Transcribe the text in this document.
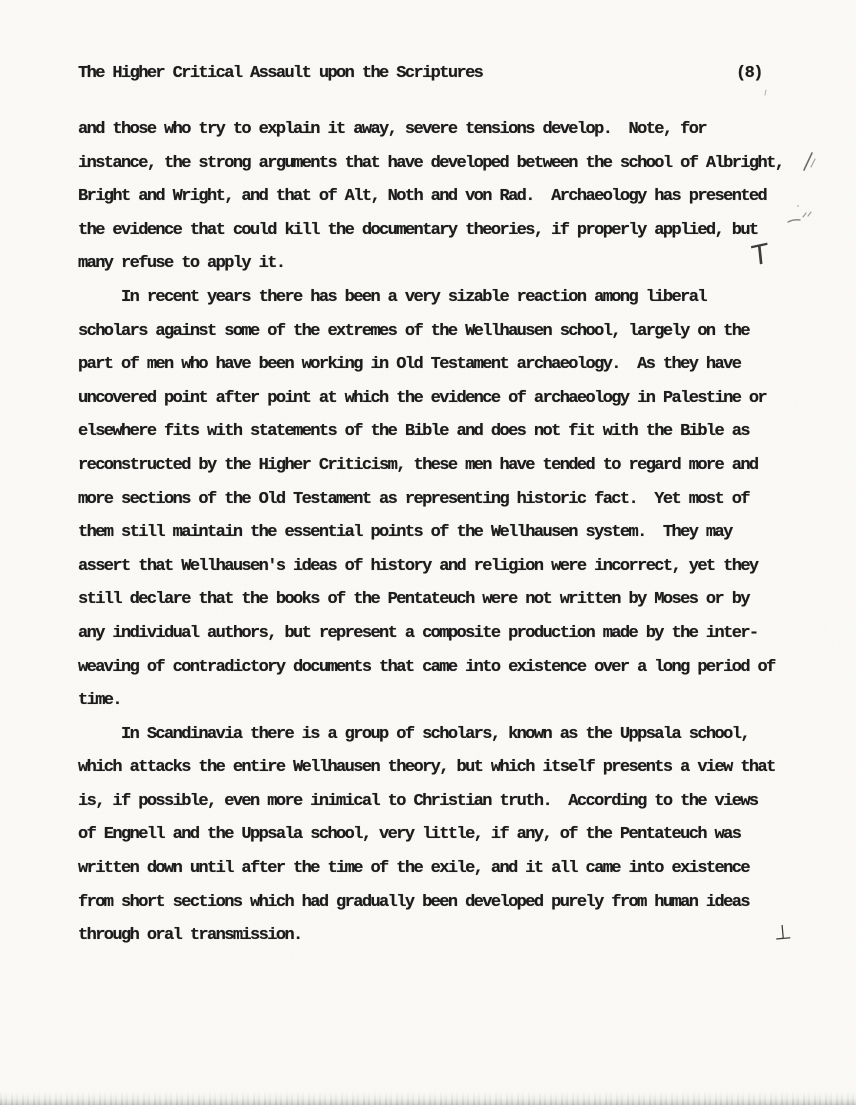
The Higher Critical Assault upon the Scriptures	(8)
and those who try to explain it away, severe tensions develop.  Note, for
instance, the strong arguments that have developed between the school of Albright,
Bright and Wright, and that of Alt, Noth and von Rad.  Archaeology has presented
the evidence that could kill the documentary theories, if properly applied, but
many refuse to apply it.
In recent years there has been a very sizable reaction among liberal
scholars against some of the extremes of the Wellhausen school, largely on the
part of men who have been working in Old Testament archaeology.  As they have
uncovered point after point at which the evidence of archaeology in Palestine or
elsewhere fits with statements of the Bible and does not fit with the Bible as
reconstructed by the Higher Criticism, these men have tended to regard more and
more sections of the Old Testament as representing historic fact.  Yet most of
them still maintain the essential points of the Wellhausen system.  They may
assert that Wellhausen's ideas of history and religion were incorrect, yet they
still declare that the books of the Pentateuch were not written by Moses or by
any individual authors, but represent a composite production made by the inter-
weaving of contradictory documents that came into existence over a long period of
time.
In Scandinavia there is a group of scholars, known as the Uppsala school,
which attacks the entire Wellhausen theory, but which itself presents a view that
is, if possible, even more inimical to Christian truth.  According to the views
of Engnell and the Uppsala school, very little, if any, of the Pentateuch was
written down until after the time of the exile, and it all came into existence
from short sections which had gradually been developed purely from human ideas
through oral transmission.
T
⊥
